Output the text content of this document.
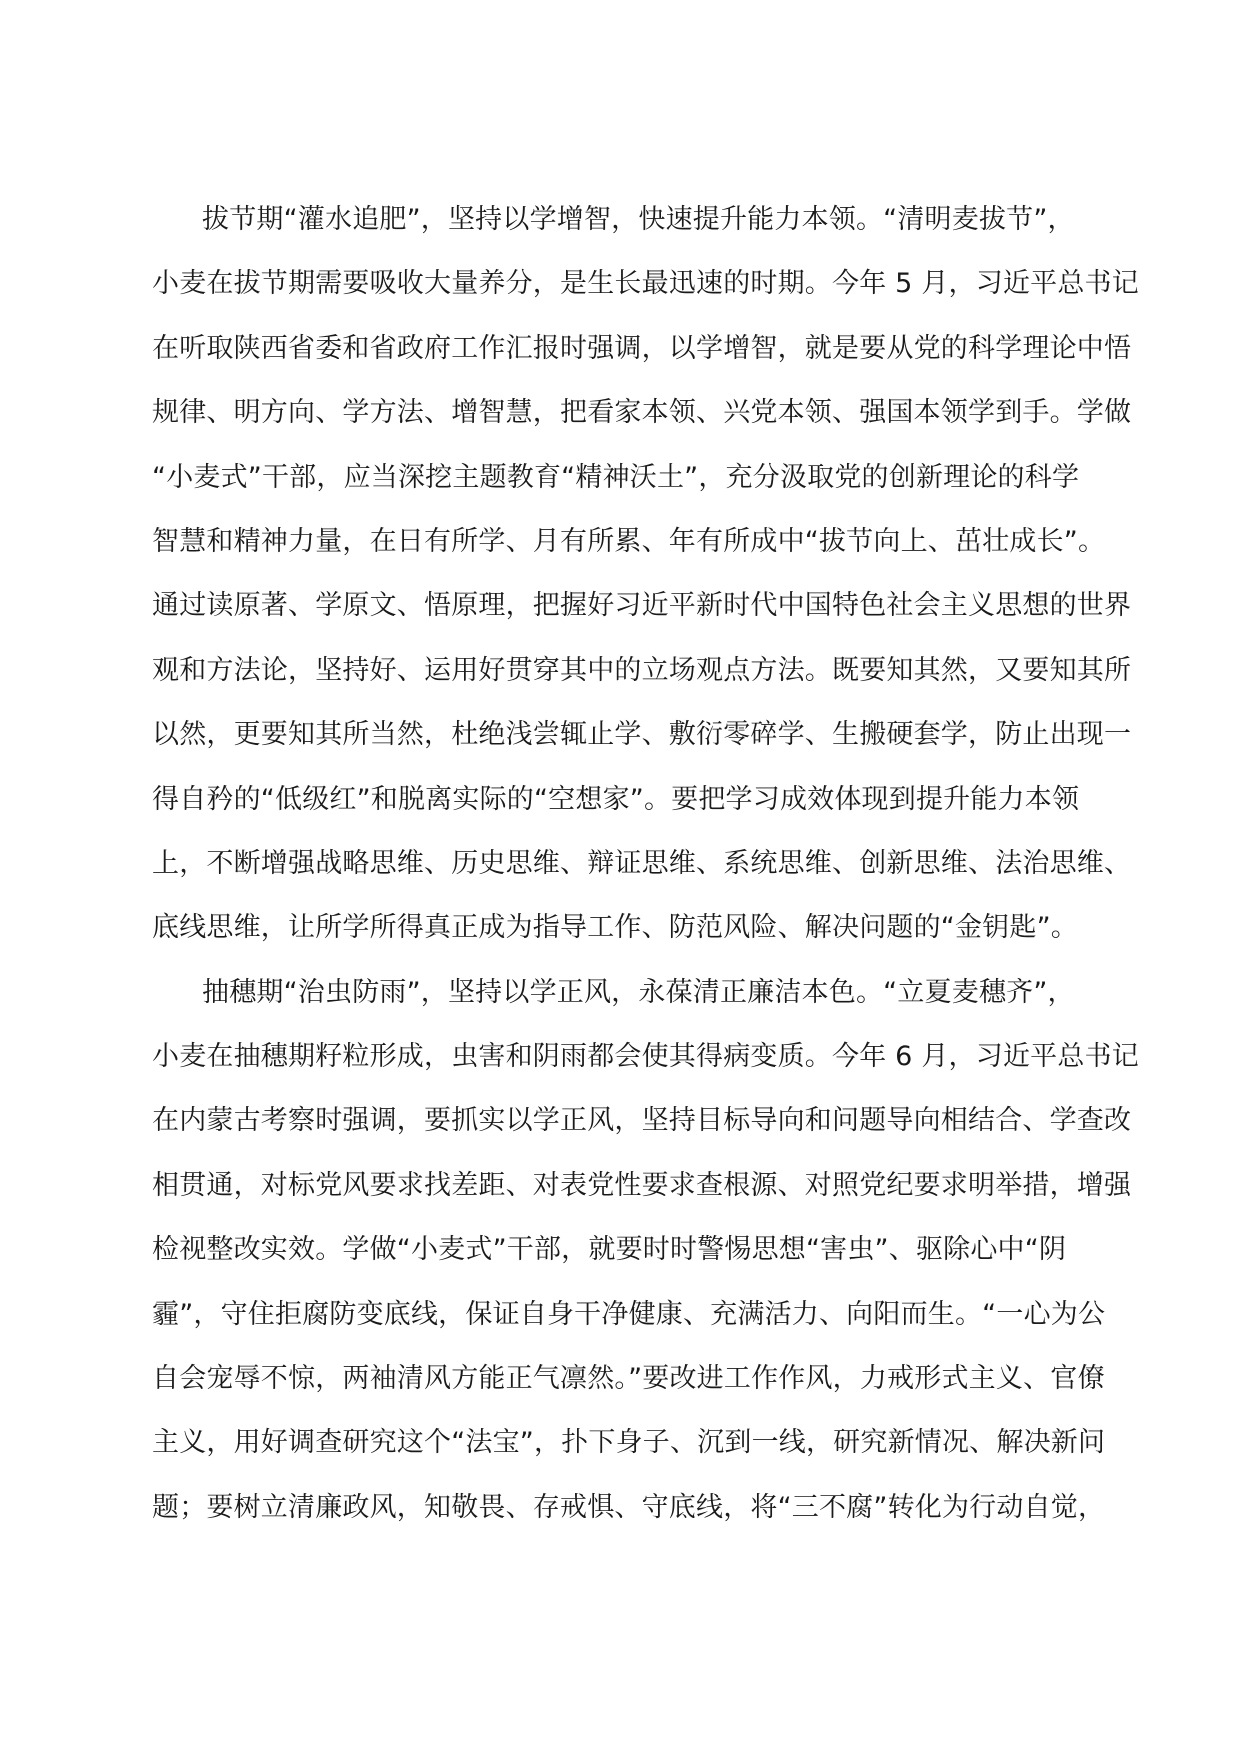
拔节期“灌水追肥”，坚持以学增智，快速提升能力本领。“清明麦拔节”，
小麦在拔节期需要吸收大量养分，是生长最迅速的时期。今年 5 月，习近平总书记
在听取陕西省委和省政府工作汇报时强调，以学增智，就是要从党的科学理论中悟
规律、明方向、学方法、增智慧，把看家本领、兴党本领、强国本领学到手。学做
“小麦式”干部，应当深挖主题教育“精神沃土”，充分汲取党的创新理论的科学
智慧和精神力量，在日有所学、月有所累、年有所成中“拔节向上、茁壮成长”。
通过读原著、学原文、悟原理，把握好习近平新时代中国特色社会主义思想的世界
观和方法论，坚持好、运用好贯穿其中的立场观点方法。既要知其然，又要知其所
以然，更要知其所当然，杜绝浅尝辄止学、敷衍零碎学、生搬硬套学，防止出现一
得自矜的“低级红”和脱离实际的“空想家”。要把学习成效体现到提升能力本领
上，不断增强战略思维、历史思维、辩证思维、系统思维、创新思维、法治思维、
底线思维，让所学所得真正成为指导工作、防范风险、解决问题的“金钥匙”。
抽穗期“治虫防雨”，坚持以学正风，永葆清正廉洁本色。“立夏麦穗齐”，
小麦在抽穗期籽粒形成，虫害和阴雨都会使其得病变质。今年 6 月，习近平总书记
在内蒙古考察时强调，要抓实以学正风，坚持目标导向和问题导向相结合、学查改
相贯通，对标党风要求找差距、对表党性要求查根源、对照党纪要求明举措，增强
检视整改实效。学做“小麦式”干部，就要时时警惕思想“害虫”、驱除心中“阴
霾”，守住拒腐防变底线，保证自身干净健康、充满活力、向阳而生。“一心为公
自会宠辱不惊，两袖清风方能正气凛然。”要改进工作作风，力戒形式主义、官僚
主义，用好调查研究这个“法宝”，扑下身子、沉到一线，研究新情况、解决新问
题；要树立清廉政风，知敬畏、存戒惧、守底线，将“三不腐”转化为行动自觉，
